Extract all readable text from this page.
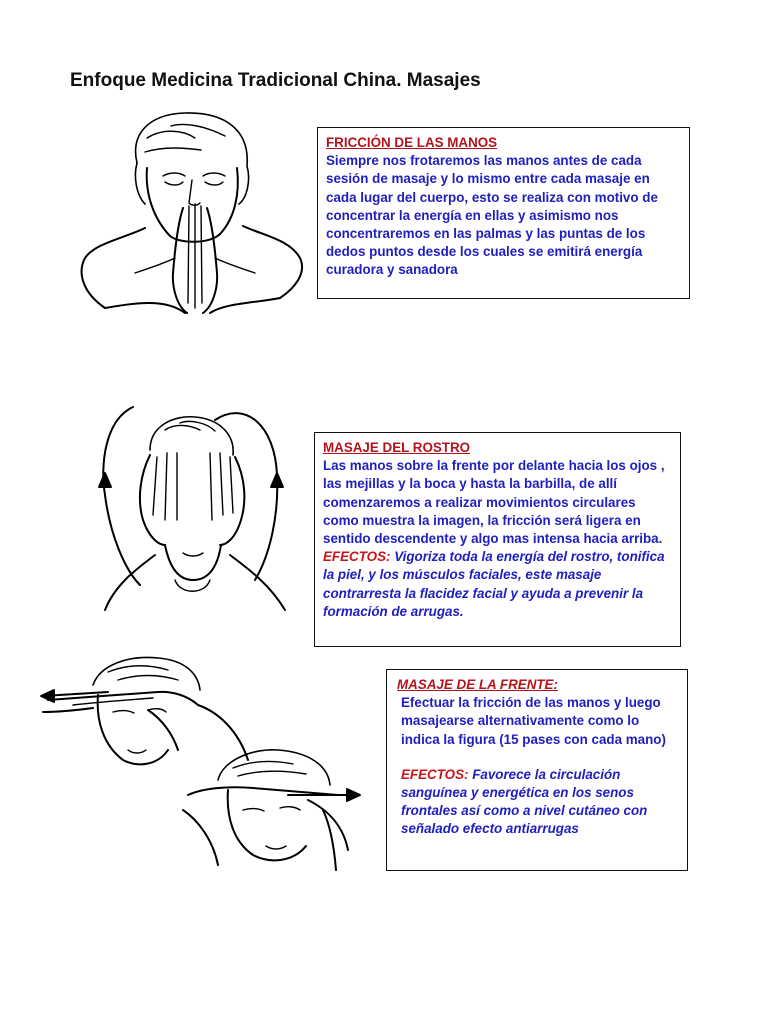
Enfoque Medicina Tradicional China. Masajes
FRICCIÓN DE LAS MANOS
Siempre nos frotaremos las manos antes de cada sesión de masaje y lo mismo entre cada masaje en cada lugar del cuerpo, esto se realiza con motivo de concentrar la energía en ellas y asimismo nos concentraremos en las palmas y las puntas de los dedos puntos desde los cuales se emitirá energía curadora y sanadora
MASAJE DEL ROSTRO
Las manos sobre la frente por delante hacia los ojos , las mejillas y la boca y hasta la barbilla, de allí comenzaremos a realizar movimientos circulares como muestra la imagen, la fricción será ligera en sentido descendente y algo mas intensa hacia arriba.
EFECTOS: Vigoriza toda la energía del rostro, tonifica la piel, y los músculos faciales, este masaje contrarresta la flacidez facial y ayuda a prevenir la formación de arrugas.
MASAJE DE LA FRENTE:
Efectuar la fricción de las manos y luego masajearse alternativamente como lo indica la figura (15 pases con cada mano)
EFECTOS: Favorece la circulación sanguínea y energética en los senos frontales así como a nivel cutáneo con señalado efecto antiarrugas
